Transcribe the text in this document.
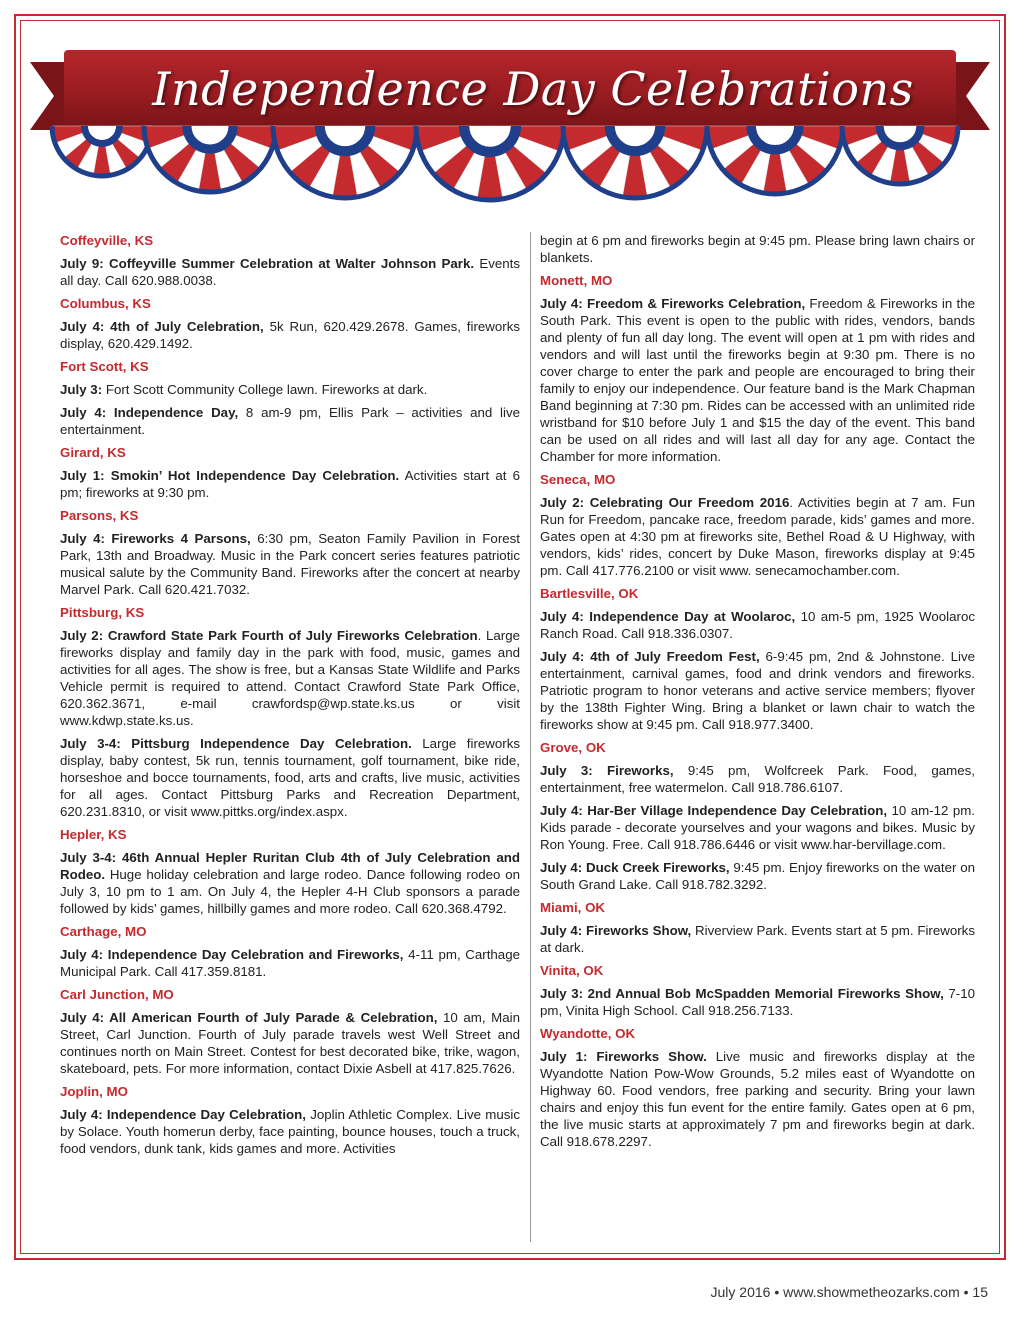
Independence Day Celebrations
Coffeyville, KS
July 9: Coffeyville Summer Celebration at Walter Johnson Park. Events all day. Call 620.988.0038.
Columbus, KS
July 4: 4th of July Celebration, 5k Run, 620.429.2678. Games, fireworks display, 620.429.1492.
Fort Scott, KS
July 3: Fort Scott Community College lawn. Fireworks at dark.
July 4: Independence Day, 8 am-9 pm, Ellis Park – activities and live entertainment.
Girard, KS
July 1: Smokin’ Hot Independence Day Celebration. Activities start at 6 pm; fireworks at 9:30 pm.
Parsons, KS
July 4: Fireworks 4 Parsons, 6:30 pm, Seaton Family Pavilion in Forest Park, 13th and Broadway. Music in the Park concert series features patriotic musical salute by the Community Band. Fireworks after the concert at nearby Marvel Park. Call 620.421.7032.
Pittsburg, KS
July 2: Crawford State Park Fourth of July Fireworks Celebration. Large fireworks display and family day in the park with food, music, games and activities for all ages. The show is free, but a Kansas State Wildlife and Parks Vehicle permit is required to attend. Contact Crawford State Park Office, 620.362.3671, e-mail crawfordsp@wp.state.ks.us or visit www.kdwp.state.ks.us.
July 3-4: Pittsburg Independence Day Celebration. Large fireworks display, baby contest, 5k run, tennis tournament, golf tournament, bike ride, horseshoe and bocce tournaments, food, arts and crafts, live music, activities for all ages. Contact Pittsburg Parks and Recreation Department, 620.231.8310, or visit www.pittks.org/index.aspx.
Hepler, KS
July 3-4: 46th Annual Hepler Ruritan Club 4th of July Celebration and Rodeo. Huge holiday celebration and large rodeo. Dance following rodeo on July 3, 10 pm to 1 am. On July 4, the Hepler 4-H Club sponsors a parade followed by kids’ games, hillbilly games and more rodeo. Call 620.368.4792.
Carthage, MO
July 4: Independence Day Celebration and Fireworks, 4-11 pm, Carthage Municipal Park. Call 417.359.8181.
Carl Junction, MO
July 4: All American Fourth of July Parade & Celebration, 10 am, Main Street, Carl Junction. Fourth of July parade travels west Well Street and continues north on Main Street. Contest for best decorated bike, trike, wagon, skateboard, pets. For more information, contact Dixie Asbell at 417.825.7626.
Joplin, MO
July 4: Independence Day Celebration, Joplin Athletic Complex. Live music by Solace. Youth homerun derby, face painting, bounce houses, touch a truck, food vendors, dunk tank, kids games and more. Activities
begin at 6 pm and fireworks begin at 9:45 pm. Please bring lawn chairs or blankets.
Monett, MO
July 4: Freedom & Fireworks Celebration, Freedom & Fireworks in the South Park. This event is open to the public with rides, vendors, bands and plenty of fun all day long. The event will open at 1 pm with rides and vendors and will last until the fireworks begin at 9:30 pm. There is no cover charge to enter the park and people are encouraged to bring their family to enjoy our independence. Our feature band is the Mark Chapman Band beginning at 7:30 pm. Rides can be accessed with an unlimited ride wristband for $10 before July 1 and $15 the day of the event. This band can be used on all rides and will last all day for any age. Contact the Chamber for more information.
Seneca, MO
July 2: Celebrating Our Freedom 2016. Activities begin at 7 am. Fun Run for Freedom, pancake race, freedom parade, kids’ games and more. Gates open at 4:30 pm at fireworks site, Bethel Road & U Highway, with vendors, kids’ rides, concert by Duke Mason, fireworks display at 9:45 pm. Call 417.776.2100 or visit www. senecamochamber.com.
Bartlesville, OK
July 4: Independence Day at Woolaroc, 10 am-5 pm, 1925 Woolaroc Ranch Road. Call 918.336.0307.
July 4: 4th of July Freedom Fest, 6-9:45 pm, 2nd & Johnstone. Live entertainment, carnival games, food and drink vendors and fireworks. Patriotic program to honor veterans and active service members; flyover by the 138th Fighter Wing. Bring a blanket or lawn chair to watch the fireworks show at 9:45 pm. Call 918.977.3400.
Grove, OK
July 3: Fireworks, 9:45 pm, Wolfcreek Park. Food, games, entertainment, free watermelon. Call 918.786.6107.
July 4: Har-Ber Village Independence Day Celebration, 10 am-12 pm. Kids parade - decorate yourselves and your wagons and bikes. Music by Ron Young. Free. Call 918.786.6446 or visit www.har-bervillage.com.
July 4: Duck Creek Fireworks, 9:45 pm. Enjoy fireworks on the water on South Grand Lake. Call 918.782.3292.
Miami, OK
July 4: Fireworks Show, Riverview Park. Events start at 5 pm. Fireworks at dark.
Vinita, OK
July 3: 2nd Annual Bob McSpadden Memorial Fireworks Show, 7-10 pm, Vinita High School. Call 918.256.7133.
Wyandotte, OK
July 1: Fireworks Show. Live music and fireworks display at the Wyandotte Nation Pow-Wow Grounds, 5.2 miles east of Wyandotte on Highway 60. Food vendors, free parking and security. Bring your lawn chairs and enjoy this fun event for the entire family. Gates open at 6 pm, the live music starts at approximately 7 pm and fireworks begin at dark. Call 918.678.2297.
July 2016 • www.showmetheozarks.com • 15
